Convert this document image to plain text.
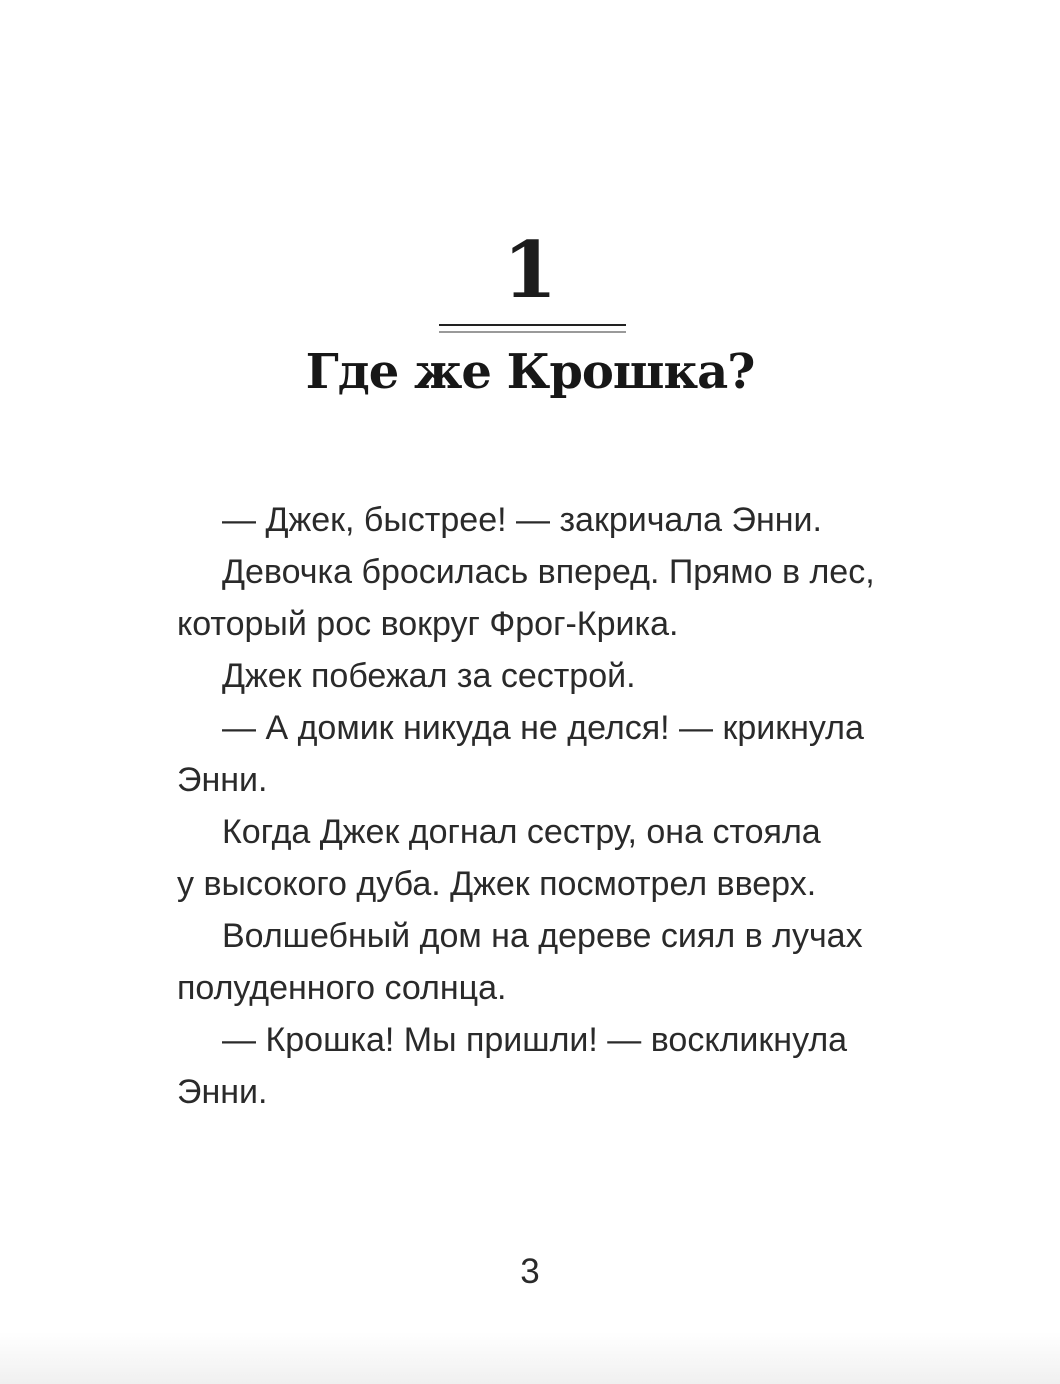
1
Где же Крошка?
— Джек, быстрее! — закричала Энни.
Девочка бросилась вперед. Прямо в лес,
который рос вокруг Фрог-Крика.
Джек побежал за сестрой.
— А домик никуда не делся! — крикнула
Энни.
Когда Джек догнал сестру, она стояла
у высокого дуба. Джек посмотрел вверх.
Волшебный дом на дереве сиял в лучах
полуденного солнца.
— Крошка! Мы пришли! — воскликнула
Энни.
3
